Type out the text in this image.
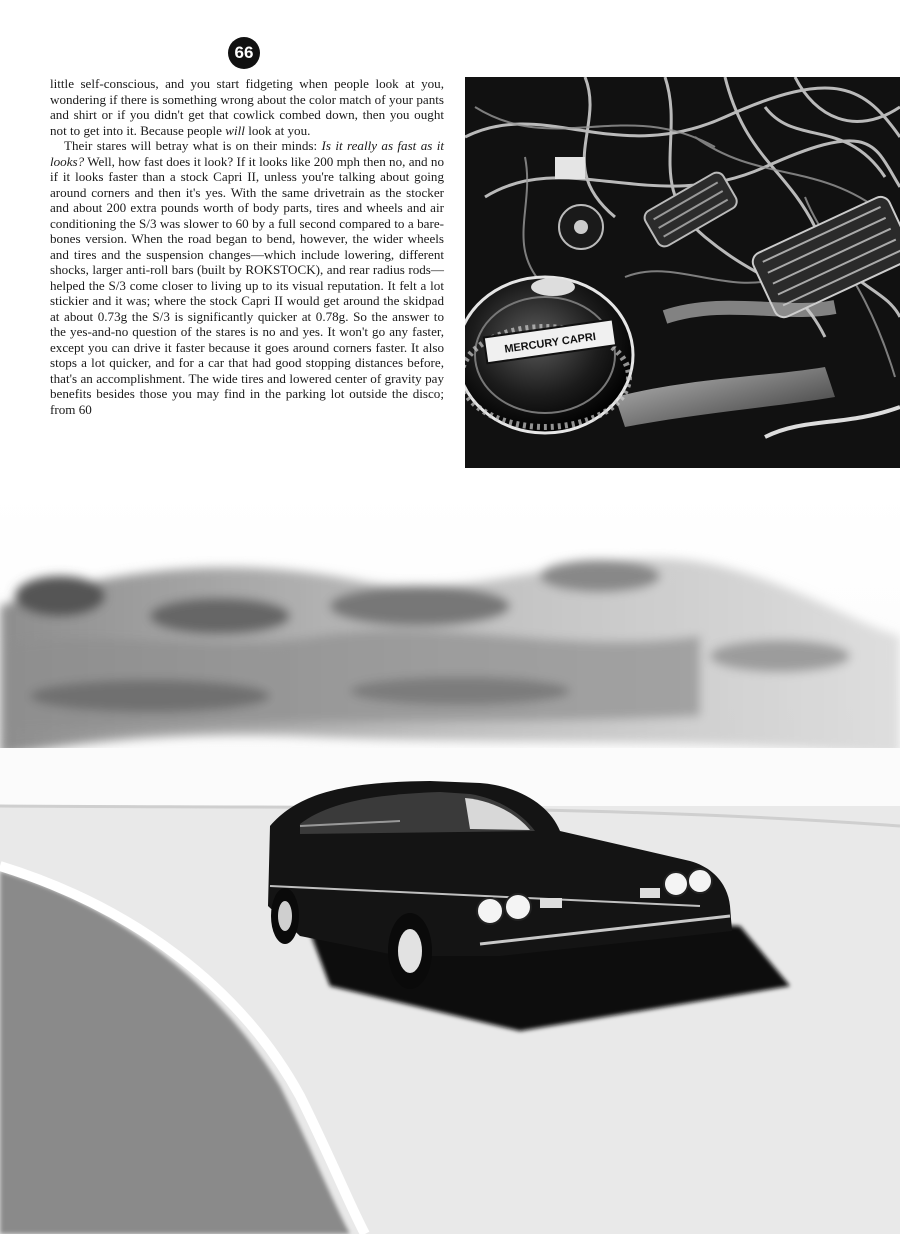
66

little self-conscious, and you start fidgeting when people look at you, wondering if there is something wrong about the color match of your pants and shirt or if you didn't get that cowlick combed down, then you ought not to get into it. Because people will look at you.

Their stares will betray what is on their minds: Is it really as fast as it looks? Well, how fast does it look? If it looks like 200 mph then no, and no if it looks faster than a stock Capri II, unless you're talking about going around corners and then it's yes. With the same drivetrain as the stocker and about 200 extra pounds worth of body parts, tires and wheels and air conditioning the S/3 was slower to 60 by a full second compared to a bare-bones version. When the road began to bend, however, the wider wheels and tires and the suspension changes—which include lowering, different shocks, larger anti-roll bars (built by ROKSTOCK), and rear radius rods—helped the S/3 come closer to living up to its visual reputation. It felt a lot stickier and it was; where the stock Capri II would get around the skidpad at about 0.73g the S/3 is significantly quicker at 0.78g. So the answer to the yes-and-no question of the stares is no and yes. It won't go any faster, except you can drive it faster because it goes around corners faster. It also stops a lot quicker, and for a car that had good stopping distances before, that's an accomplishment. The wide tires and lowered center of gravity pay benefits besides those you may find in the parking lot outside the disco; from 60

MERCURY CAPRI
